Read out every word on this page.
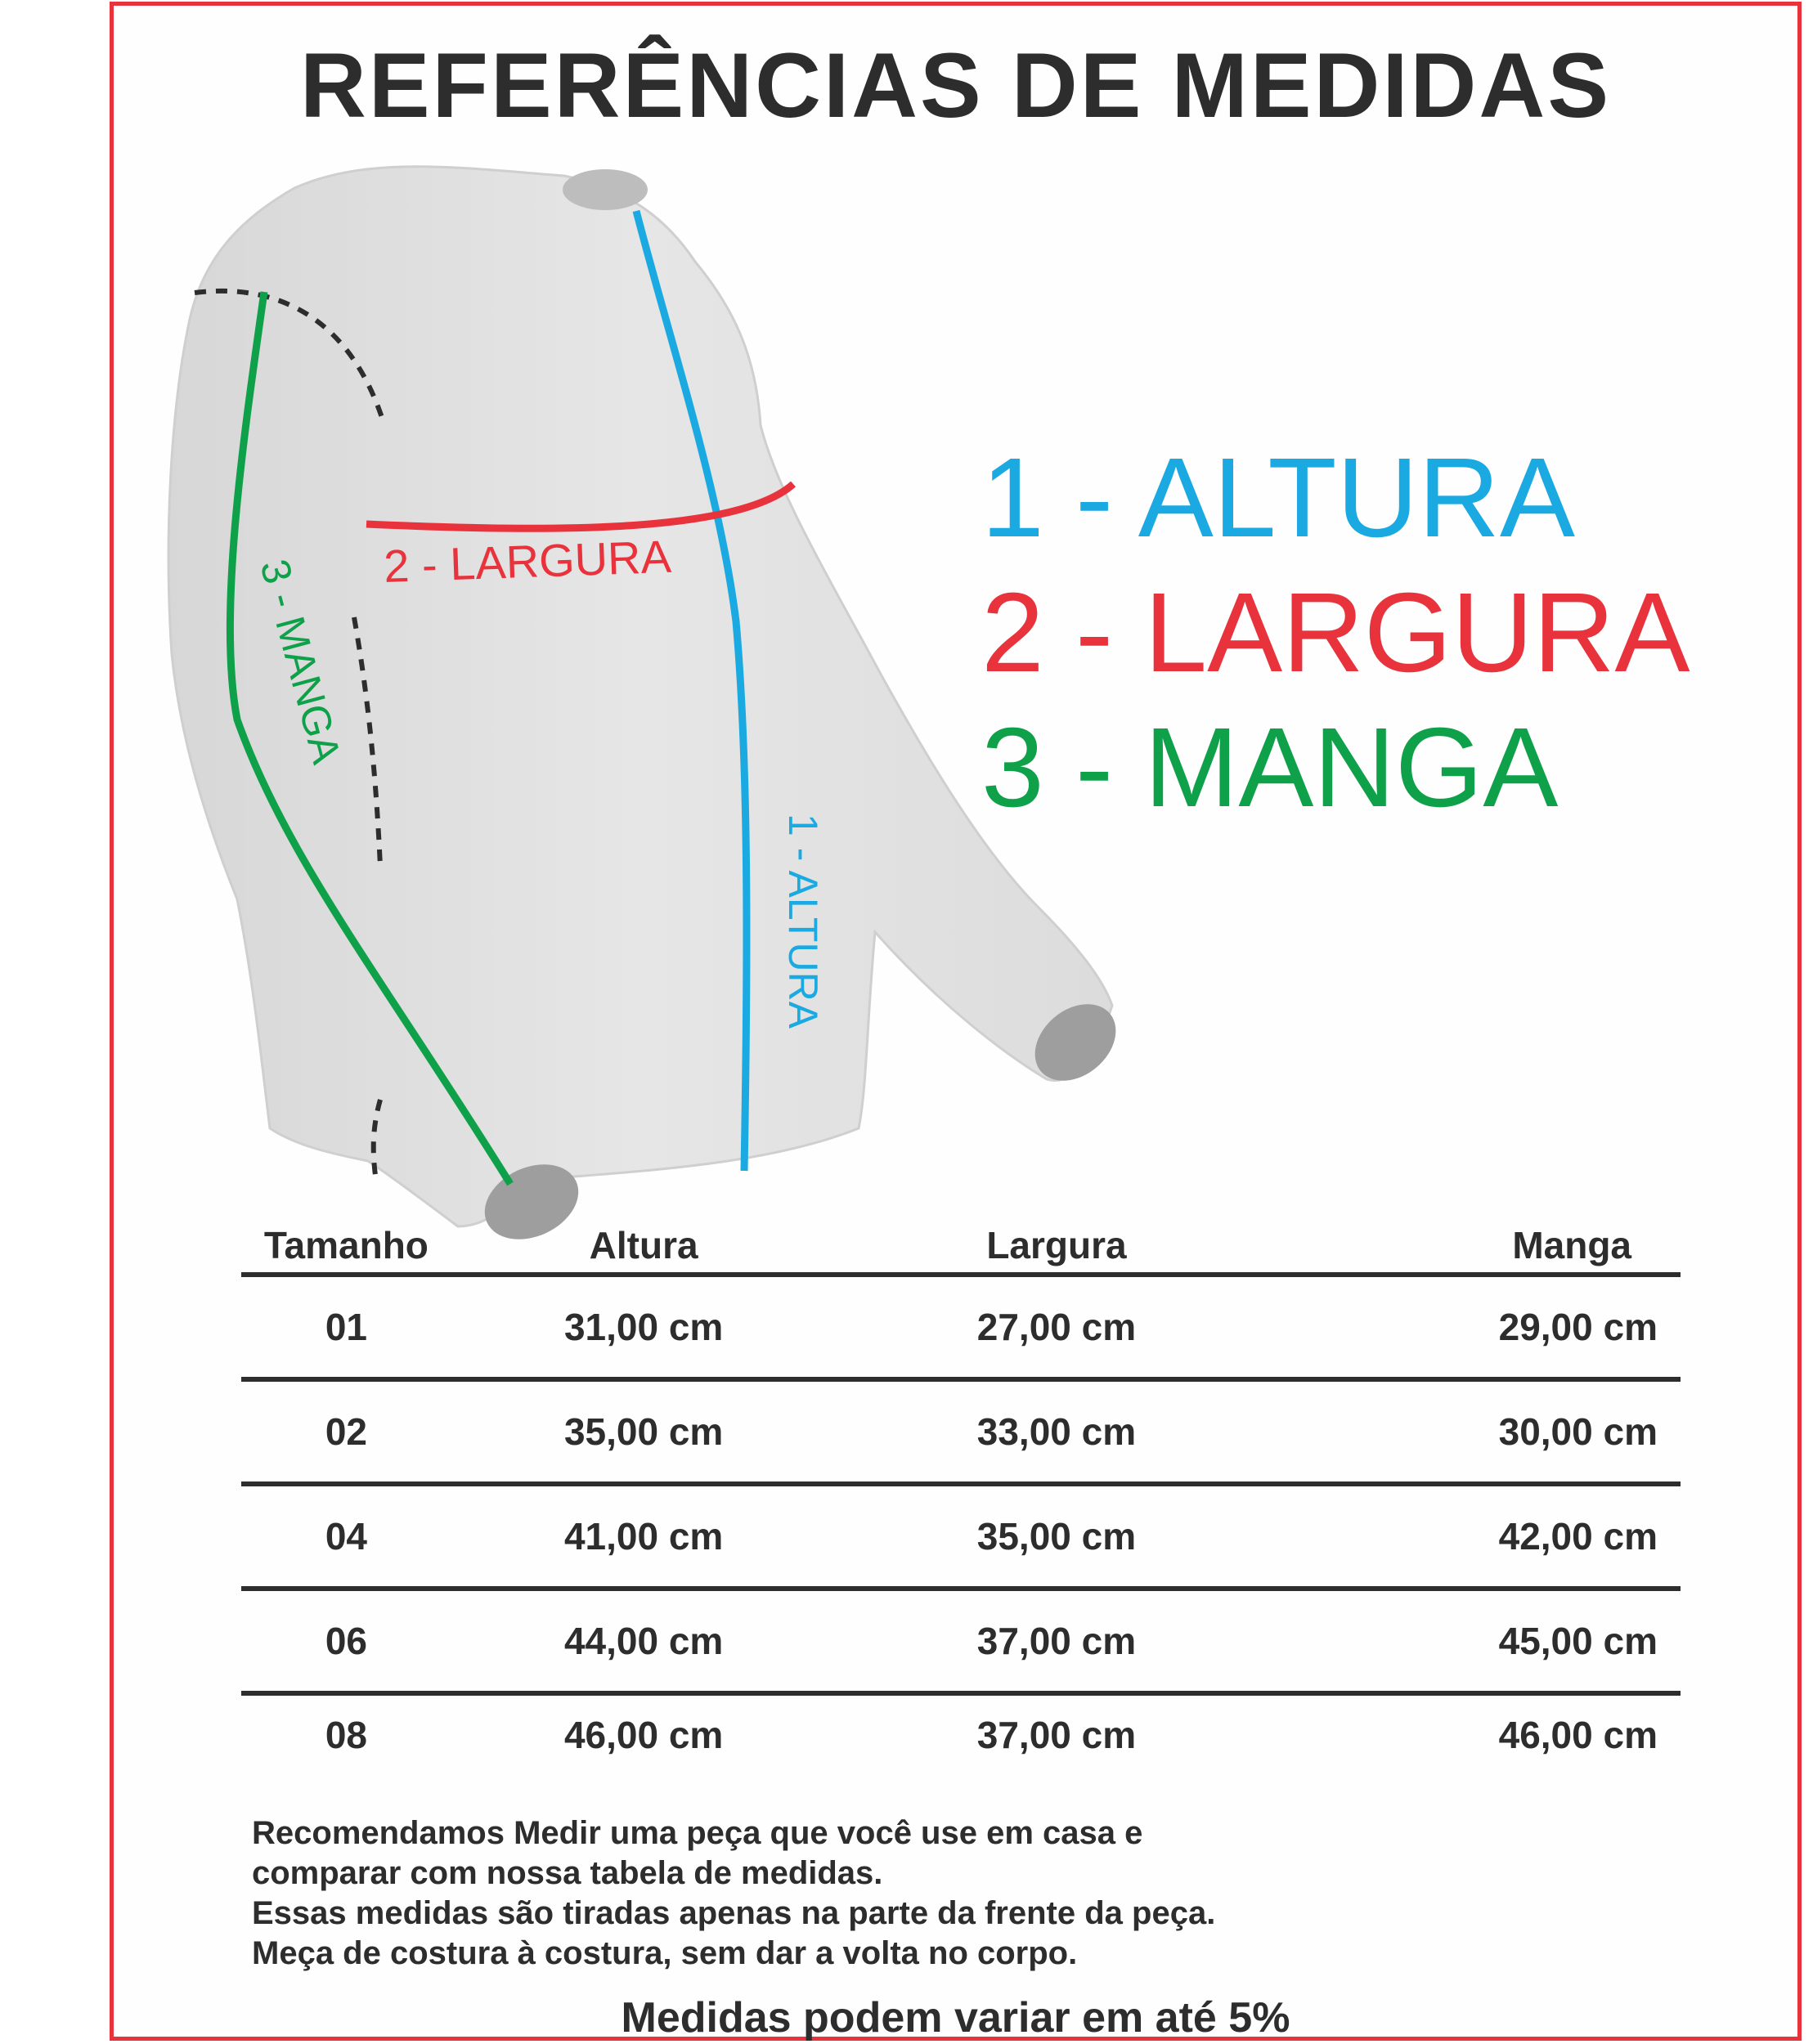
REFERÊNCIAS DE MEDIDAS
2 - LARGURA
3 - MANGA
1 - ALTURA
1 - ALTURA
2 - LARGURA
3 - MANGA
Tamanho	Altura	Largura	Manga
01	31,00 cm	27,00 cm	29,00 cm
02	35,00 cm	33,00 cm	30,00 cm
04	41,00 cm	35,00 cm	42,00 cm
06	44,00 cm	37,00 cm	45,00 cm
08	46,00 cm	37,00 cm	46,00 cm
Recomendamos Medir uma peça que você use em casa e
comparar com nossa tabela de medidas.
Essas medidas são tiradas apenas na parte da frente da peça.
Meça de costura à costura, sem dar a volta no corpo.
Medidas podem variar em até 5%
